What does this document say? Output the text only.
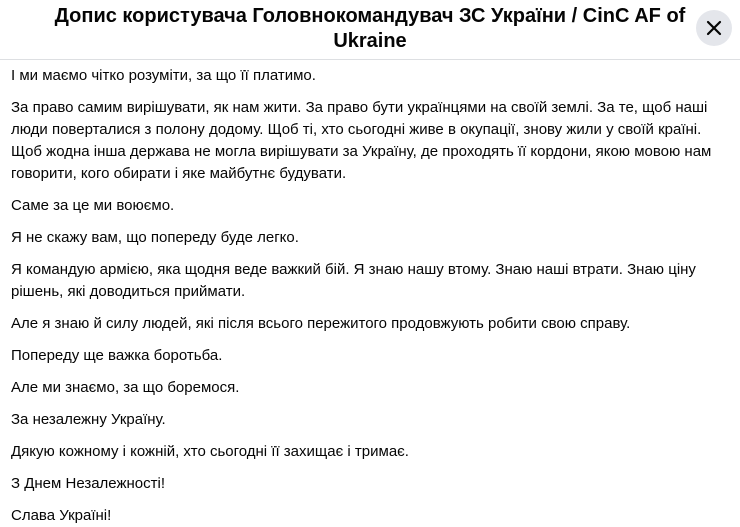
Допис користувача Головнокомандувач ЗС України / CinC AF of Ukraine

І ми маємо чітко розуміти, за що її платимо.

За право самим вирішувати, як нам жити. За право бути українцями на своїй землі. За те, щоб наші люди поверталися з полону додому. Щоб ті, хто сьогодні живе в окупації, знову жили у своїй країні. Щоб жодна інша держава не могла вирішувати за Україну, де проходять її кордони, якою мовою нам говорити, кого обирати і яке майбутнє будувати.

Саме за це ми воюємо.

Я не скажу вам, що попереду буде легко.

Я командую армією, яка щодня веде важкий бій. Я знаю нашу втому. Знаю наші втрати. Знаю ціну рішень, які доводиться приймати.

Але я знаю й силу людей, які після всього пережитого продовжують робити свою справу.

Попереду ще важка боротьба.

Але ми знаємо, за що боремося.

За незалежну Україну.

Дякую кожному і кожній, хто сьогодні її захищає і тримає.

З Днем Незалежності!

Слава Україні!
